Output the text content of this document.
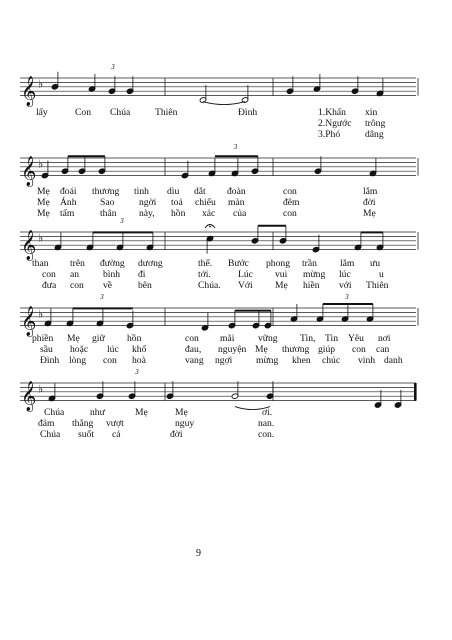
𝄞 ♭
3
𝄞 ♭
3
𝄞 ♭
3
𝄞 ♭
3	3
𝄞 ♭
3
lấy	Con Chúa	Thiên	Đình	1.Khấn xin
2.Ngước trông
3.Phó	dâng
Mẹ đoái thương tình dìu dắt đoàn	con	lắm
Mẹ Ánh Sao	ngời toả chiếu màn	đêm	đời
Mẹ tấm	thân này, hồn xác của	con	Mẹ
than trên đường dương	thế. Bước phong trần lắm ưu
con an bình đi	tới.	Lúc vui mừng lúc	u
đưa con về	bên	Chúa. Với Mẹ hiền với Thiên
phiền Mẹ giữ hồn	con mãi vững Tin, Tin Yêu nơi
sầu hoặc lúc khổ	đau, nguyện Mẹ thương giúp con can
Đình lòng con hoà	vang ngợi mừng khen chúc vinh danh
Chúa	như	Mẹ	Mẹ	ơi.
đảm thắng vượt	nguy	nan.
Chúa suốt cả	đời	con.
9
